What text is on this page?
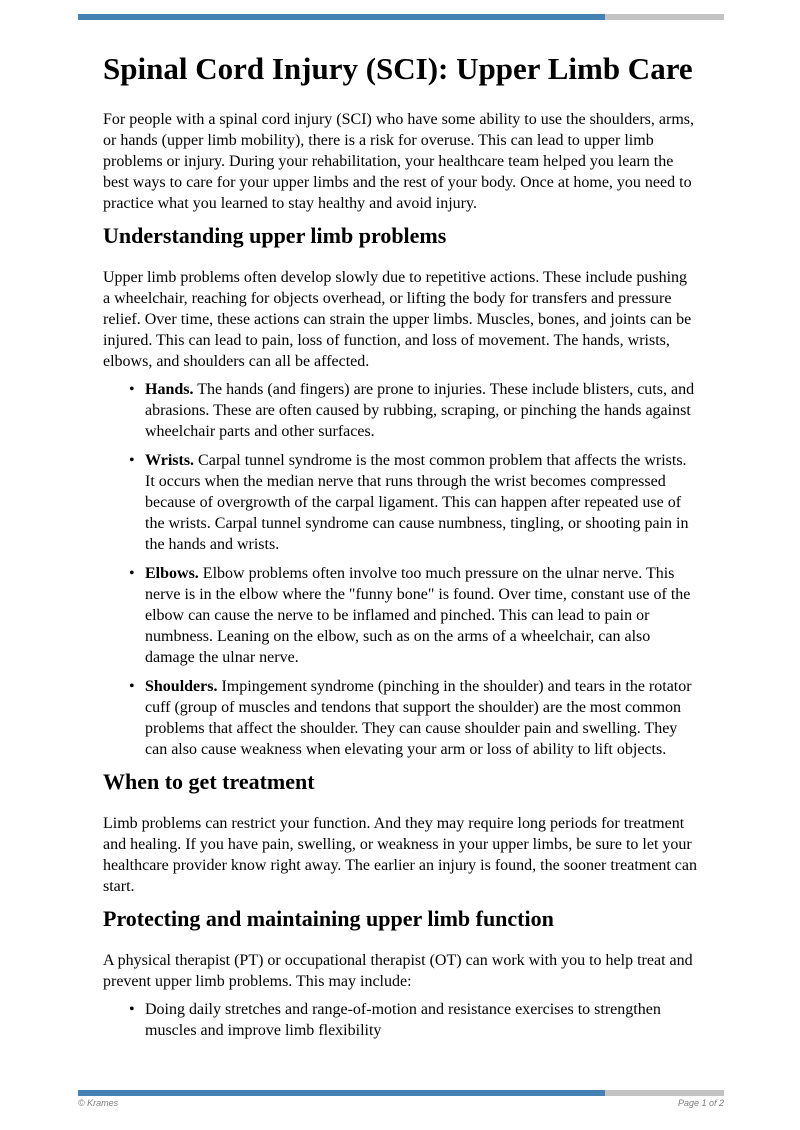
Spinal Cord Injury (SCI): Upper Limb Care

For people with a spinal cord injury (SCI) who have some ability to use the shoulders, arms, or hands (upper limb mobility), there is a risk for overuse. This can lead to upper limb problems or injury. During your rehabilitation, your healthcare team helped you learn the best ways to care for your upper limbs and the rest of your body. Once at home, you need to practice what you learned to stay healthy and avoid injury.

Understanding upper limb problems

Upper limb problems often develop slowly due to repetitive actions. These include pushing a wheelchair, reaching for objects overhead, or lifting the body for transfers and pressure relief. Over time, these actions can strain the upper limbs. Muscles, bones, and joints can be injured. This can lead to pain, loss of function, and loss of movement. The hands, wrists, elbows, and shoulders can all be affected.

• Hands. The hands (and fingers) are prone to injuries. These include blisters, cuts, and abrasions. These are often caused by rubbing, scraping, or pinching the hands against wheelchair parts and other surfaces.
• Wrists. Carpal tunnel syndrome is the most common problem that affects the wrists. It occurs when the median nerve that runs through the wrist becomes compressed because of overgrowth of the carpal ligament. This can happen after repeated use of the wrists. Carpal tunnel syndrome can cause numbness, tingling, or shooting pain in the hands and wrists.
• Elbows. Elbow problems often involve too much pressure on the ulnar nerve. This nerve is in the elbow where the "funny bone" is found. Over time, constant use of the elbow can cause the nerve to be inflamed and pinched. This can lead to pain or numbness. Leaning on the elbow, such as on the arms of a wheelchair, can also damage the ulnar nerve.
• Shoulders. Impingement syndrome (pinching in the shoulder) and tears in the rotator cuff (group of muscles and tendons that support the shoulder) are the most common problems that affect the shoulder. They can cause shoulder pain and swelling. They can also cause weakness when elevating your arm or loss of ability to lift objects.
When to get treatment

Limb problems can restrict your function. And they may require long periods for treatment and healing. If you have pain, swelling, or weakness in your upper limbs, be sure to let your healthcare provider know right away. The earlier an injury is found, the sooner treatment can start.

Protecting and maintaining upper limb function

A physical therapist (PT) or occupational therapist (OT) can work with you to help treat and prevent upper limb problems. This may include:

• Doing daily stretches and range-of-motion and resistance exercises to strengthen muscles and improve limb flexibility
© Krames	Page 1 of 2
